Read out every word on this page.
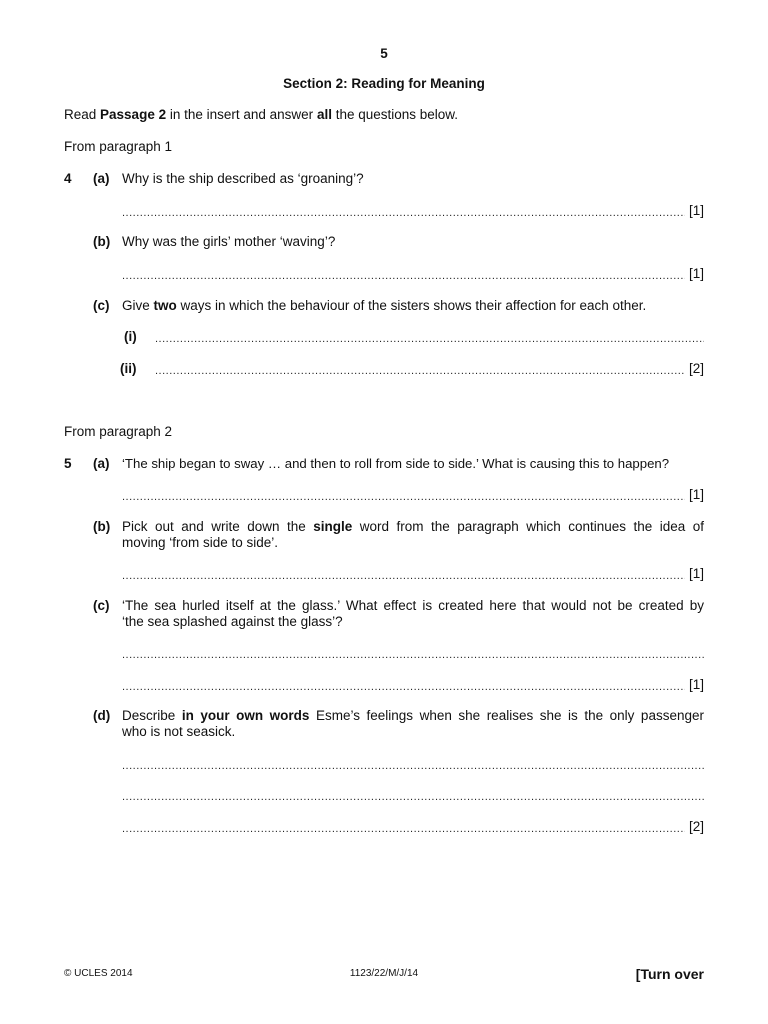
5
Section 2: Reading for Meaning
Read Passage 2 in the insert and answer all the questions below.
From paragraph 1
4 (a) Why is the ship described as ‘groaning’?
.....
[1]
(b) Why was the girls’ mother ‘waving’?
.....
[1]
(c) Give two ways in which the behaviour of the sisters shows their affection for each other.
(i)
.....
(ii)
.....	[2]
From paragraph 2
5 (a) ‘The ship began to sway … and then to roll from side to side.’ What is causing this to happen?
.....
[1]
(b) Pick out and write down the single word from the paragraph which continues the idea of
moving ‘from side to side’.
.....
[1]
(c) ‘The sea hurled itself at the glass.’ What effect is created here that would not be created by
‘the sea splashed against the glass’?
.....
.....
[1]
(d) Describe in your own words Esme’s feelings when she realises she is the only passenger
who is not seasick.
.....
.....
.....
[2]
© UCLES 2014	1123/22/M/J/14	[Turn over
